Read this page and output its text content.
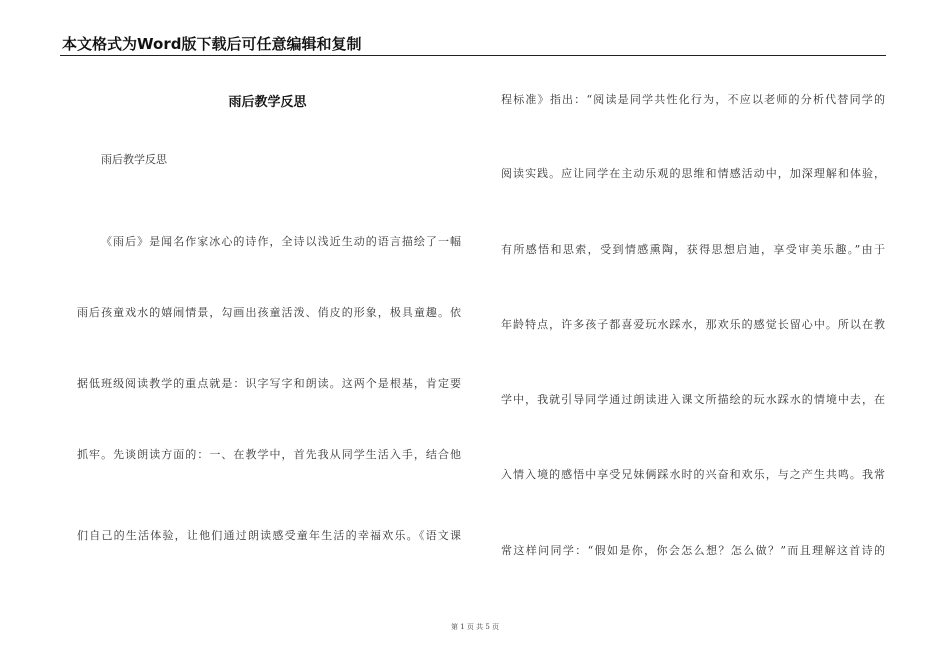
本文格式为Word版下载后可任意编辑和复制
雨后教学反思
雨后教学反思
《雨后》是闻名作家冰心的诗作，全诗以浅近生动的语言描绘了一幅
雨后孩童戏水的嬉闹情景，勾画出孩童活泼、俏皮的形象，极具童趣。依
据低班级阅读教学的重点就是：识字写字和朗读。这两个是根基，肯定要
抓牢。先谈朗读方面的：一、在教学中，首先我从同学生活入手，结合他
们自己的生活体验，让他们通过朗读感受童年生活的幸福欢乐。《语文课
程标准》指出：“阅读是同学共性化行为，不应以老师的分析代替同学的
阅读实践。应让同学在主动乐观的思维和情感活动中，加深理解和体验，
有所感悟和思索，受到情感熏陶，获得思想启迪，享受审美乐趣。”由于
年龄特点，许多孩子都喜爱玩水踩水，那欢乐的感觉长留心中。所以在教
学中，我就引导同学通过朗读进入课文所描绘的玩水踩水的情境中去，在
入情入境的感悟中享受兄妹俩踩水时的兴奋和欢乐，与之产生共鸣。我常
常这样问同学：“假如是你，你会怎么想？怎么做？”而且理解这首诗的
第 1 页 共 5 页
